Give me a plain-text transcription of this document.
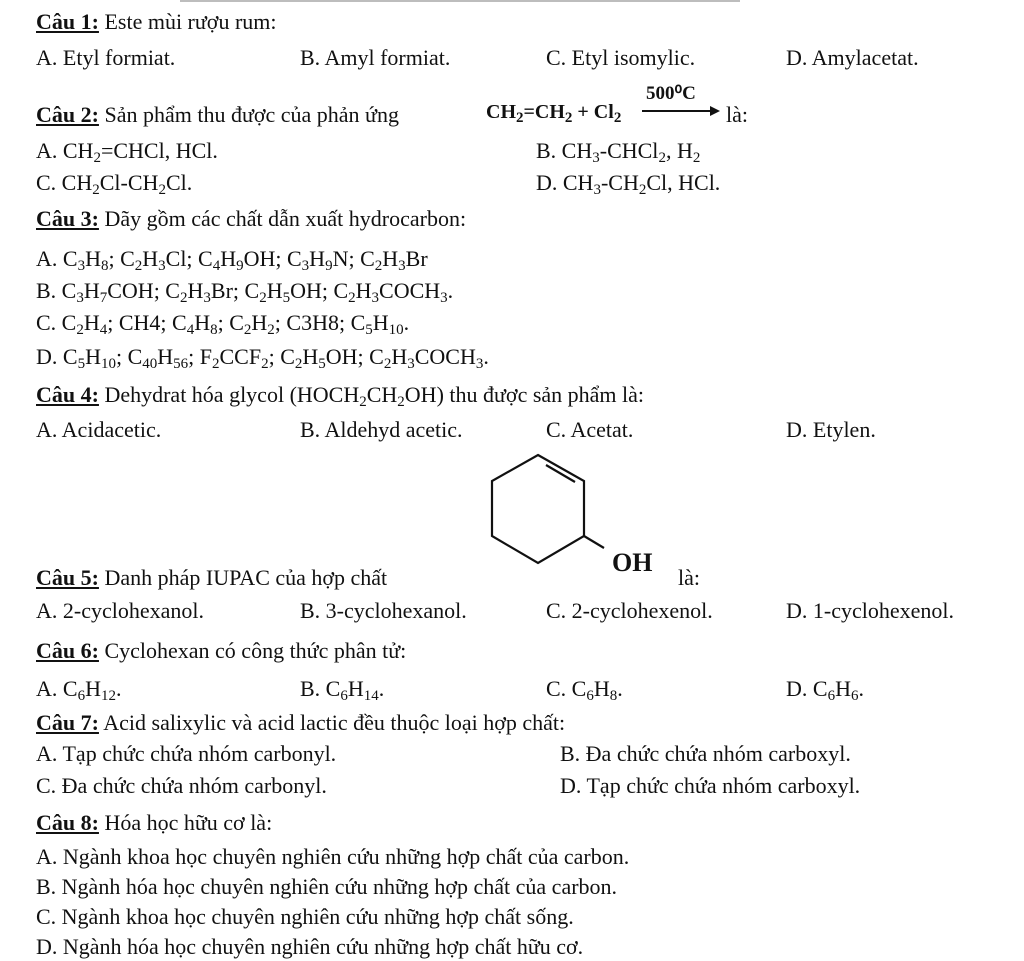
Câu 1: Este mùi rượu rum:
A. Etyl formiat.	B. Amyl formiat.	C. Etyl isomylic.	D. Amylacetat.
Câu 2: Sản phẩm thu được của phản ứng	$CH_2=CH_2 + Cl_2$
500⁰C
→ là:
A. $CH_2=CHCl$, HCl.	B. $CH_3-CHCl_2$, $H_2$
C. $CH_2Cl-CH_2Cl$.	D. $CH_3-CH_2Cl$, HCl.
Câu 3: Dãy gồm các chất dẫn xuất hydrocarbon:
A. $C_3H_8$; $C_2H_3Cl$; $C_4H_9OH$; $C_3H_9N$; $C_2H_3Br$
B. $C_3H_7COH$; $C_2H_3Br$; $C_2H_5OH$; $C_2H_3COCH_3$.
C. $C_2H_4$; CH4; $C_4H_8$; $C_2H_2$; C3H8; $C_5H_{10}$.
D. $C_5H_{10}$; $C_{40}H_{56}$; $F_2CCF_2$; $C_2H_5OH$; $C_2H_3COCH_3$.
Câu 4: Dehydrat hóa glycol $(HOCH_2CH_2OH)$ thu được sản phẩm là:
A. Acidacetic.	B. Aldehyd acetic.	C. Acetat.	D. Etylen.
OH
Câu 5: Danh pháp IUPAC của hợp chất	là:
A. 2-cyclohexanol.	B. 3-cyclohexanol.	C. 2-cyclohexenol.	D. 1-cyclohexenol.
Câu 6: Cyclohexan có công thức phân tử:
A. $C_6H_{12}$.	B. $C_6H_{14}$.	C. $C_6H_8$.	D. $C_6H_6$.
Câu 7: Acid salixylic và acid lactic đều thuộc loại hợp chất:
A. Tạp chức chứa nhóm carbonyl.	B. Đa chức chứa nhóm carboxyl.
C. Đa chức chứa nhóm carbonyl.	D. Tạp chức chứa nhóm carboxyl.
Câu 8: Hóa học hữu cơ là:
A. Ngành khoa học chuyên nghiên cứu những hợp chất của carbon.
B. Ngành hóa học chuyên nghiên cứu những hợp chất của carbon.
C. Ngành khoa học chuyên nghiên cứu những hợp chất sống.
D. Ngành hóa học chuyên nghiên cứu những hợp chất hữu cơ.
